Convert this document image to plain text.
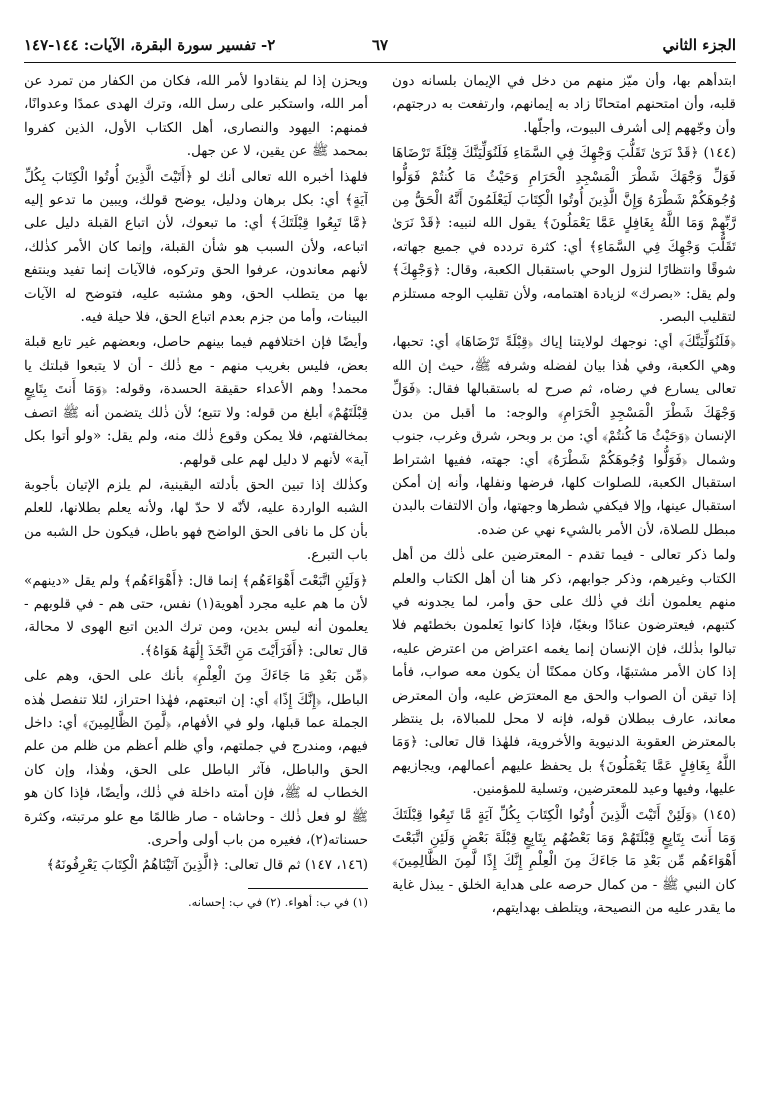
الجزء الثاني
٦٧
٢- تفسير سورة البقرة، الآيات: ١٤٤-١٤٧

ابتدأهم بها، وأن ميّز منهم من دخل في الإيمان بلسانه دون قلبه، وأن امتحنهم امتحانًا زاد به إيمانهم، وارتفعت به درجتهم، وأن وجّههم إلى أشرف البيوت، وأجلّها.

(١٤٤) ﴿قَدْ نَرَىٰ تَقَلُّبَ وَجْهِكَ فِي السَّمَاءِ فَلَنُوَلِّيَنَّكَ قِبْلَةً تَرْضَاهَا فَوَلِّ وَجْهَكَ شَطْرَ الْمَسْجِدِ الْحَرَامِ وَحَيْثُ مَا كُنتُمْ فَوَلُّوا وُجُوهَكُمْ شَطْرَهُ وَإِنَّ الَّذِينَ أُوتُوا الْكِتَابَ لَيَعْلَمُونَ أَنَّهُ الْحَقُّ مِن رَّبِّهِمْ وَمَا اللَّهُ بِغَافِلٍ عَمَّا يَعْمَلُونَ﴾ يقول الله لنبيه: ﴿قَدْ نَرَىٰ تَقَلُّبَ وَجْهِكَ فِي السَّمَاءِ﴾ أي: كثرة تردده في جميع جهاته، شوقًا وانتظارًا لنزول الوحي باستقبال الكعبة، وقال: ﴿وَجْهِكَ﴾ ولم يقل: «بصرك» لزيادة اهتمامه، ولأن تقليب الوجه مستلزم لتقليب البصر.

﴿فَلَنُوَلِّيَنَّكَ﴾ أي: نوجهك لولايتنا إياك ﴿قِبْلَةً تَرْضَاهَا﴾ أي: تحبها، وهي الكعبة، وفي هٰذا بيان لفضله وشرفه ﷺ، حيث إن الله تعالى يسارع في رضاه، ثم صرح له باستقبالها فقال: ﴿فَوَلِّ وَجْهَكَ شَطْرَ الْمَسْجِدِ الْحَرَامِ﴾ والوجه: ما أقبل من بدن الإنسان ﴿وَحَيْثُ مَا كُنتُمْ﴾ أي: من بر وبحر، شرق وغرب، جنوب وشمال ﴿فَوَلُّوا وُجُوهَكُمْ شَطْرَهُ﴾ أي: جهته، ففيها اشتراط استقبال الكعبة، للصلوات كلها، فرضها ونفلها، وأنه إن أمكن استقبال عينها، وإلا فيكفي شطرها وجهتها، وأن الالتفات بالبدن مبطل للصلاة، لأن الأمر بالشيء نهي عن ضده.

ولما ذكر تعالى - فيما تقدم - المعترضين على ذٰلك من أهل الكتاب وغيرهم، وذكر جوابهم، ذكر هنا أن أهل الكتاب والعلم منهم يعلمون أنك في ذٰلك على حق وأمر، لما يجدونه في كتبهم، فيعترضون عنادًا وبغيًا، فإذا كانوا يَعلمون بخطئهم فلا تبالوا بذٰلك، فإن الإنسان إنما يغمه اعتراض من اعترض عليه، إذا كان الأمر مشتبهًا، وكان ممكنًا أن يكون معه صواب، فأما إذا تيقن أن الصواب والحق مع المعترَض عليه، وأن المعترض معاند، عارف ببطلان قوله، فإنه لا محل للمبالاة، بل ينتظر بالمعترض العقوبة الدنيوية والأخروية، فلهٰذا قال تعالى: ﴿وَمَا اللَّهُ بِغَافِلٍ عَمَّا يَعْمَلُونَ﴾ بل يحفظ عليهم أعمالهم، ويجازيهم عليها، وفيها وعيد للمعترضين، وتسلية للمؤمنين.

(١٤٥) ﴿وَلَئِنْ أَتَيْتَ الَّذِينَ أُوتُوا الْكِتَابَ بِكُلِّ آيَةٍ مَّا تَبِعُوا قِبْلَتَكَ وَمَا أَنتَ بِتَابِعٍ قِبْلَتَهُمْ وَمَا بَعْضُهُم بِتَابِعٍ قِبْلَةَ بَعْضٍ وَلَئِنِ اتَّبَعْتَ أَهْوَاءَهُم مِّن بَعْدِ مَا جَاءَكَ مِنَ الْعِلْمِ إِنَّكَ إِذًا لَّمِنَ الظَّالِمِينَ﴾ كان النبي ﷺ - من كمال حرصه على هداية الخلق - يبذل غاية ما يقدر عليه من النصيحة، ويتلطف بهدايتهم،

ويحزن إذا لم ينقادوا لأمر الله، فكان من الكفار من تمرد عن أمر الله، واستكبر على رسل الله، وترك الهدى عمدًا وعدوانًا، فمنهم: اليهود والنصارى، أهل الكتاب الأول، الذين كفروا بمحمد ﷺ عن يقين، لا عن جهل.

فلهذا أخبره الله تعالى أنك لو ﴿أَتَيْتَ الَّذِينَ أُوتُوا الْكِتَابَ بِكُلِّ آيَةٍ﴾ أي: بكل برهان ودليل، يوضح قولك، ويبين ما تدعو إليه ﴿مَّا تَبِعُوا قِبْلَتَكَ﴾ أي: ما تبعوك، لأن اتباع القبلة دليل على اتباعه، ولأن السبب هو شأن القبلة، وإنما كان الأمر كذٰلك، لأنهم معاندون، عرفوا الحق وتركوه، فالآيات إنما تفيد وينتفع بها من يتطلب الحق، وهو مشتبه عليه، فتوضح له الآيات البينات، وأما من جزم بعدم اتباع الحق، فلا حيلة فيه.

وأيضًا فإن اختلافهم فيما بينهم حاصل، وبعضهم غير تابع قبلة بعض، فليس بغريب منهم - مع ذٰلك - أن لا يتبعوا قبلتك يا محمد! وهم الأعداء حقيقة الحسدة، وقوله: ﴿وَمَا أَنتَ بِتَابِعٍ قِبْلَتَهُمْ﴾ أبلغ من قوله: ولا تتبع؛ لأن ذٰلك يتضمن أنه ﷺ اتصف بمخالفتهم، فلا يمكن وقوع ذٰلك منه، ولم يقل: «ولو أتوا بكل آية» لأنهم لا دليل لهم على قولهم.

وكذٰلك إذا تبين الحق بأدلته اليقينية، لم يلزم الإتيان بأجوبة الشبه الواردة عليه، لأنّه لا حدّ لها، ولأنه يعلم بطلانها، للعلم بأن كل ما نافى الحق الواضح فهو باطل، فيكون حل الشبه من باب التبرع.

﴿وَلَئِنِ اتَّبَعْتَ أَهْوَاءَهُم﴾ إنما قال: ﴿أَهْوَاءَهُم﴾ ولم يقل «دينهم» لأن ما هم عليه مجرد أهوية(١) نفس، حتى هم - في قلوبهم - يعلمون أنه ليس بدين، ومن ترك الدين اتبع الهوى لا محالة، قال تعالى: ﴿أَفَرَأَيْتَ مَنِ اتَّخَذَ إِلَٰهَهُ هَوَاهُ﴾.

﴿مِّن بَعْدِ مَا جَاءَكَ مِنَ الْعِلْمِ﴾ بأنك على الحق، وهم على الباطل، ﴿إِنَّكَ إِذًا﴾ أي: إن اتبعتهم، فهٰذا احتراز، لئلا تنفصل هٰذه الجملة عما قبلها، ولو في الأفهام، ﴿لَّمِنَ الظَّالِمِينَ﴾ أي: داخل فيهم، ومندرج في جملتهم، وأي ظلم أعظم من ظلم من علم الحق والباطل، فآثر الباطل على الحق، وهٰذا، وإن كان الخطاب له ﷺ، فإن أمته داخلة في ذٰلك، وأيضًا، فإذا كان هو ﷺ لو فعل ذٰلك - وحاشاه - صار ظالمًا مع علو مرتبته، وكثرة حسناته(٢)، فغيره من باب أولى وأحرى.

(١٤٦، ١٤٧) ثم قال تعالى: ﴿الَّذِينَ آتَيْنَاهُمُ الْكِتَابَ يَعْرِفُونَهُ﴾

(١) في ب: أهواء. (٢) في ب: إحسانه.
